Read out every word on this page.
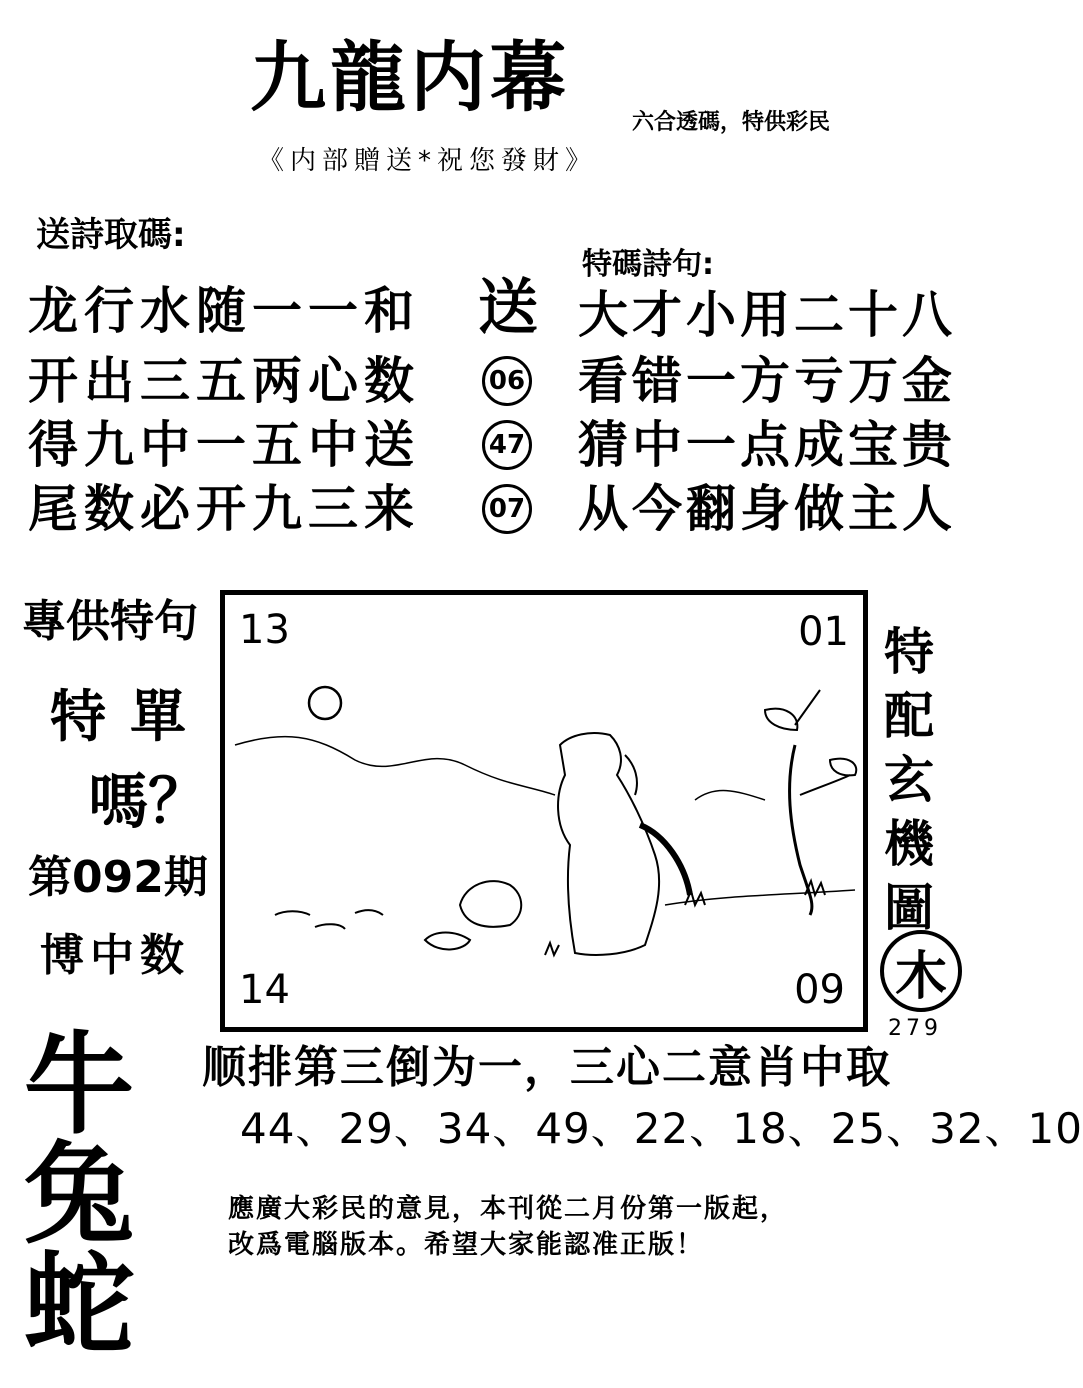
九龍内幕
六合透碼，特供彩民
《内部贈送*祝您發財》
送詩取碼:
龙行水随一一和
开出三五两心数
得九中一五中送
尾数必开九三来
特碼詩句:
送 大才小用二十八
06 看错一方亏万金
47 猜中一点成宝贵
07 从今翻身做主人
專供特句
特單
嗎？
第092期
博中数
13	01
14	09
特
配
玄
機
圖
木
279
牛
兔
蛇
顺排第三倒为一，三心二意肖中取
44、29、34、49、22、18、25、32、10
應廣大彩民的意見，本刊從二月份第一版起，
改爲電腦版本。希望大家能認准正版！
